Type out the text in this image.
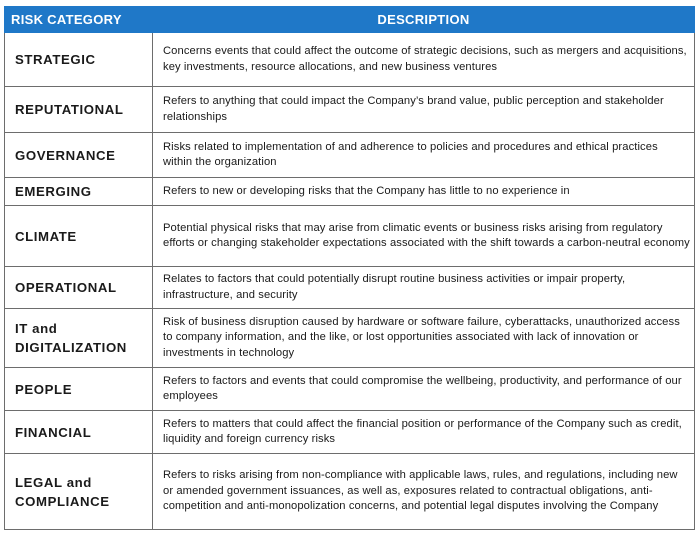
RISK CATEGORY	DESCRIPTION
STRATEGIC	Concerns events that could affect the outcome of strategic decisions, such as mergers and acquisitions, key investments, resource allocations, and new business ventures
REPUTATIONAL	Refers to anything that could impact the Company’s brand value, public perception and stakeholder relationships
GOVERNANCE	Risks related to implementation of and adherence to policies and procedures and ethical practices within the organization
EMERGING	Refers to new or developing risks that the Company has little to no experience in
CLIMATE	Potential physical risks that may arise from climatic events or business risks arising from regulatory efforts or changing stakeholder expectations associated with the shift towards a carbon-neutral economy
OPERATIONAL	Relates to factors that could potentially disrupt routine business activities or impair property, infrastructure, and security
IT and DIGITALIZATION	Risk of business disruption caused by hardware or software failure, cyberattacks, unauthorized access to company information, and the like, or lost opportunities associated with lack of innovation or investments in technology
PEOPLE	Refers to factors and events that could compromise the wellbeing, productivity, and performance of our employees
FINANCIAL	Refers to matters that could affect the financial position or performance of the Company such as credit, liquidity and foreign currency risks
LEGAL and COMPLIANCE	Refers to risks arising from non-compliance with applicable laws, rules, and regulations, including new or amended government issuances, as well as, exposures related to contractual obligations, anti-competition and anti-monopolization concerns, and potential legal disputes involving the Company
